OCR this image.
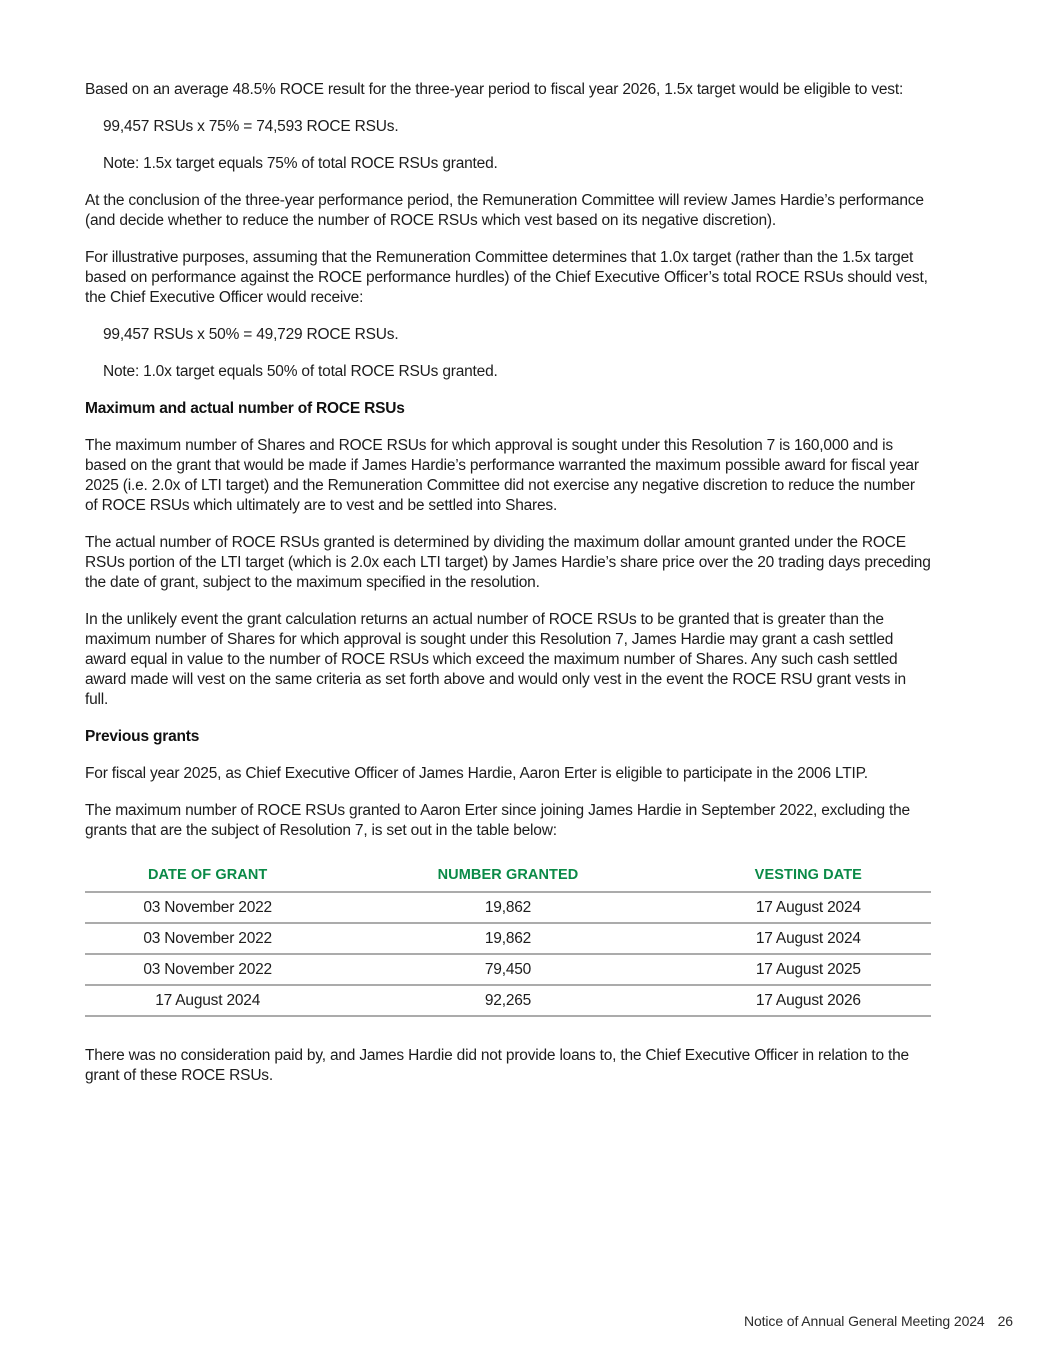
Based on an average 48.5% ROCE result for the three-year period to fiscal year 2026, 1.5x target would be eligible to vest:

99,457 RSUs x 75% = 74,593 ROCE RSUs.

Note: 1.5x target equals 75% of total ROCE RSUs granted.

At the conclusion of the three-year performance period, the Remuneration Committee will review James Hardie’s performance (and decide whether to reduce the number of ROCE RSUs which vest based on its negative discretion).

For illustrative purposes, assuming that the Remuneration Committee determines that 1.0x target (rather than the 1.5x target based on performance against the ROCE performance hurdles) of the Chief Executive Officer’s total ROCE RSUs should vest, the Chief Executive Officer would receive:

99,457 RSUs x 50% = 49,729 ROCE RSUs.

Note: 1.0x target equals 50% of total ROCE RSUs granted.

Maximum and actual number of ROCE RSUs

The maximum number of Shares and ROCE RSUs for which approval is sought under this Resolution 7 is 160,000 and is based on the grant that would be made if James Hardie’s performance warranted the maximum possible award for fiscal year 2025 (i.e. 2.0x of LTI target) and the Remuneration Committee did not exercise any negative discretion to reduce the number of ROCE RSUs which ultimately are to vest and be settled into Shares.

The actual number of ROCE RSUs granted is determined by dividing the maximum dollar amount granted under the ROCE RSUs portion of the LTI target (which is 2.0x each LTI target) by James Hardie’s share price over the 20 trading days preceding the date of grant, subject to the maximum specified in the resolution.

In the unlikely event the grant calculation returns an actual number of ROCE RSUs to be granted that is greater than the maximum number of Shares for which approval is sought under this Resolution 7, James Hardie may grant a cash settled award equal in value to the number of ROCE RSUs which exceed the maximum number of Shares. Any such cash settled award made will vest on the same criteria as set forth above and would only vest in the event the ROCE RSU grant vests in full.

Previous grants

For fiscal year 2025, as Chief Executive Officer of James Hardie, Aaron Erter is eligible to participate in the 2006 LTIP.

The maximum number of ROCE RSUs granted to Aaron Erter since joining James Hardie in September 2022, excluding the grants that are the subject of Resolution 7, is set out in the table below:

DATE OF GRANT	NUMBER GRANTED	VESTING DATE
03 November 2022	19,862	17 August 2024
03 November 2022	19,862	17 August 2024
03 November 2022	79,450	17 August 2025
17 August 2024	92,265	17 August 2026

There was no consideration paid by, and James Hardie did not provide loans to, the Chief Executive Officer in relation to the grant of these ROCE RSUs.

Notice of Annual General Meeting 2024 26
